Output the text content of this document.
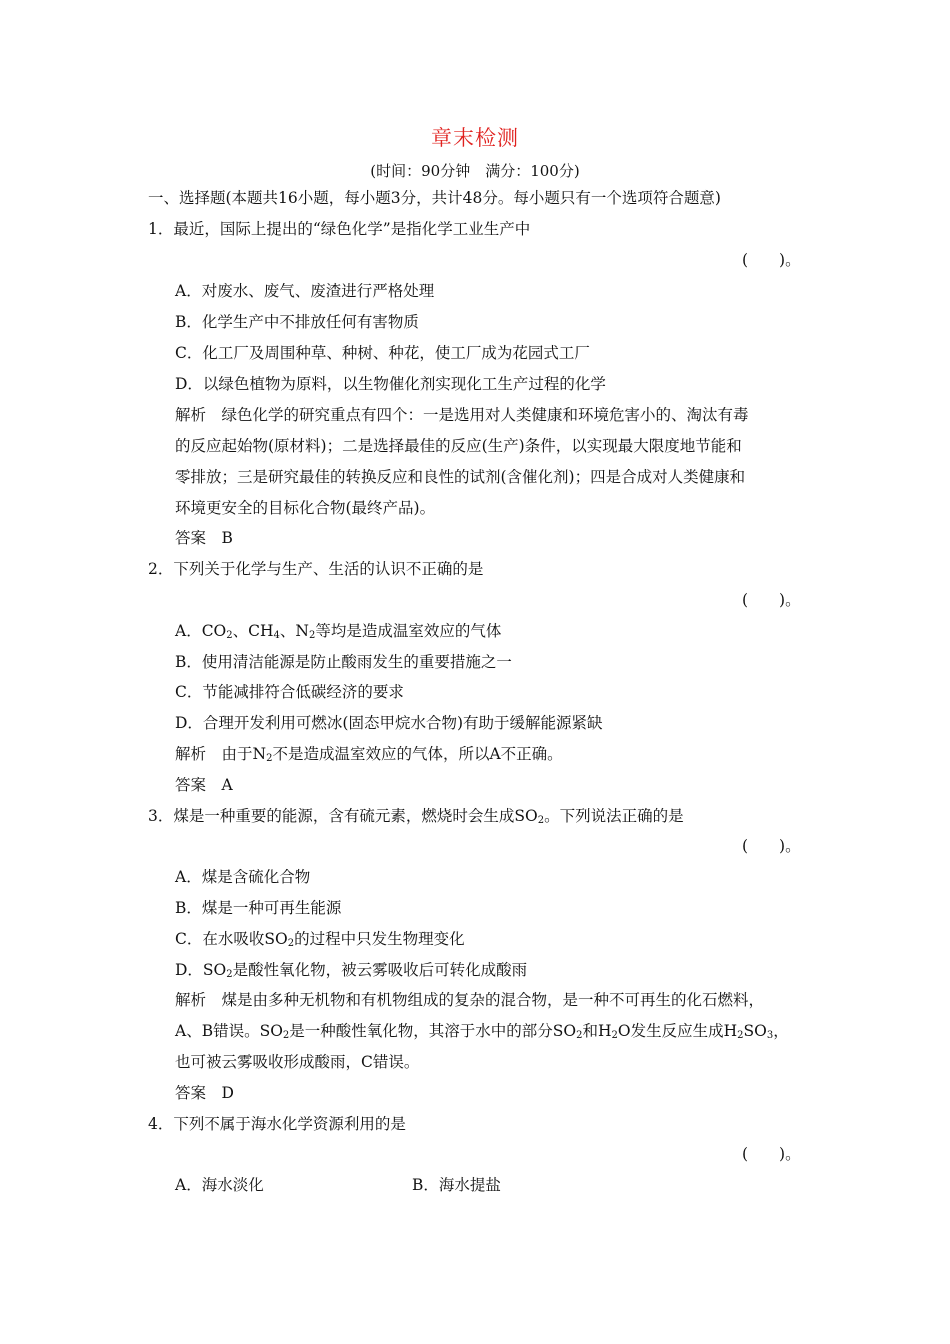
章末检测
(时间：90分钟　满分：100分)
一、选择题(本题共16小题，每小题3分，共计48分。每小题只有一个选项符合题意)
1．最近，国际上提出的“绿色化学”是指化学工业生产中
(　　)。
A．对废水、废气、废渣进行严格处理
B．化学生产中不排放任何有害物质
C．化工厂及周围种草、种树、种花，使工厂成为花园式工厂
D．以绿色植物为原料，以生物催化剂实现化工生产过程的化学
解析　绿色化学的研究重点有四个：一是选用对人类健康和环境危害小的、淘汰有毒
的反应起始物(原材料)；二是选择最佳的反应(生产)条件，以实现最大限度地节能和
零排放；三是研究最佳的转换反应和良性的试剂(含催化剂)；四是合成对人类健康和
环境更安全的目标化合物(最终产品)。
答案　B
2．下列关于化学与生产、生活的认识不正确的是
(　　)。
A．$CO_2$、$CH_4$、$N_2$等均是造成温室效应的气体
B．使用清洁能源是防止酸雨发生的重要措施之一
C．节能减排符合低碳经济的要求
D．合理开发利用可燃冰(固态甲烷水合物)有助于缓解能源紧缺
解析　由于$N_2$不是造成温室效应的气体，所以A不正确。
答案　A
3．煤是一种重要的能源，含有硫元素，燃烧时会生成$SO_2$。下列说法正确的是
(　　)。
A．煤是含硫化合物
B．煤是一种可再生能源
C．在水吸收$SO_2$的过程中只发生物理变化
D．$SO_2$是酸性氧化物，被云雾吸收后可转化成酸雨
解析　煤是由多种无机物和有机物组成的复杂的混合物，是一种不可再生的化石燃料，
A、B错误。$SO_2$是一种酸性氧化物，其溶于水中的部分$SO_2$和$H_2O$发生反应生成$H_2SO_3$，
也可被云雾吸收形成酸雨，C错误。
答案　D
4．下列不属于海水化学资源利用的是
(　　)。
A．海水淡化	B．海水提盐
